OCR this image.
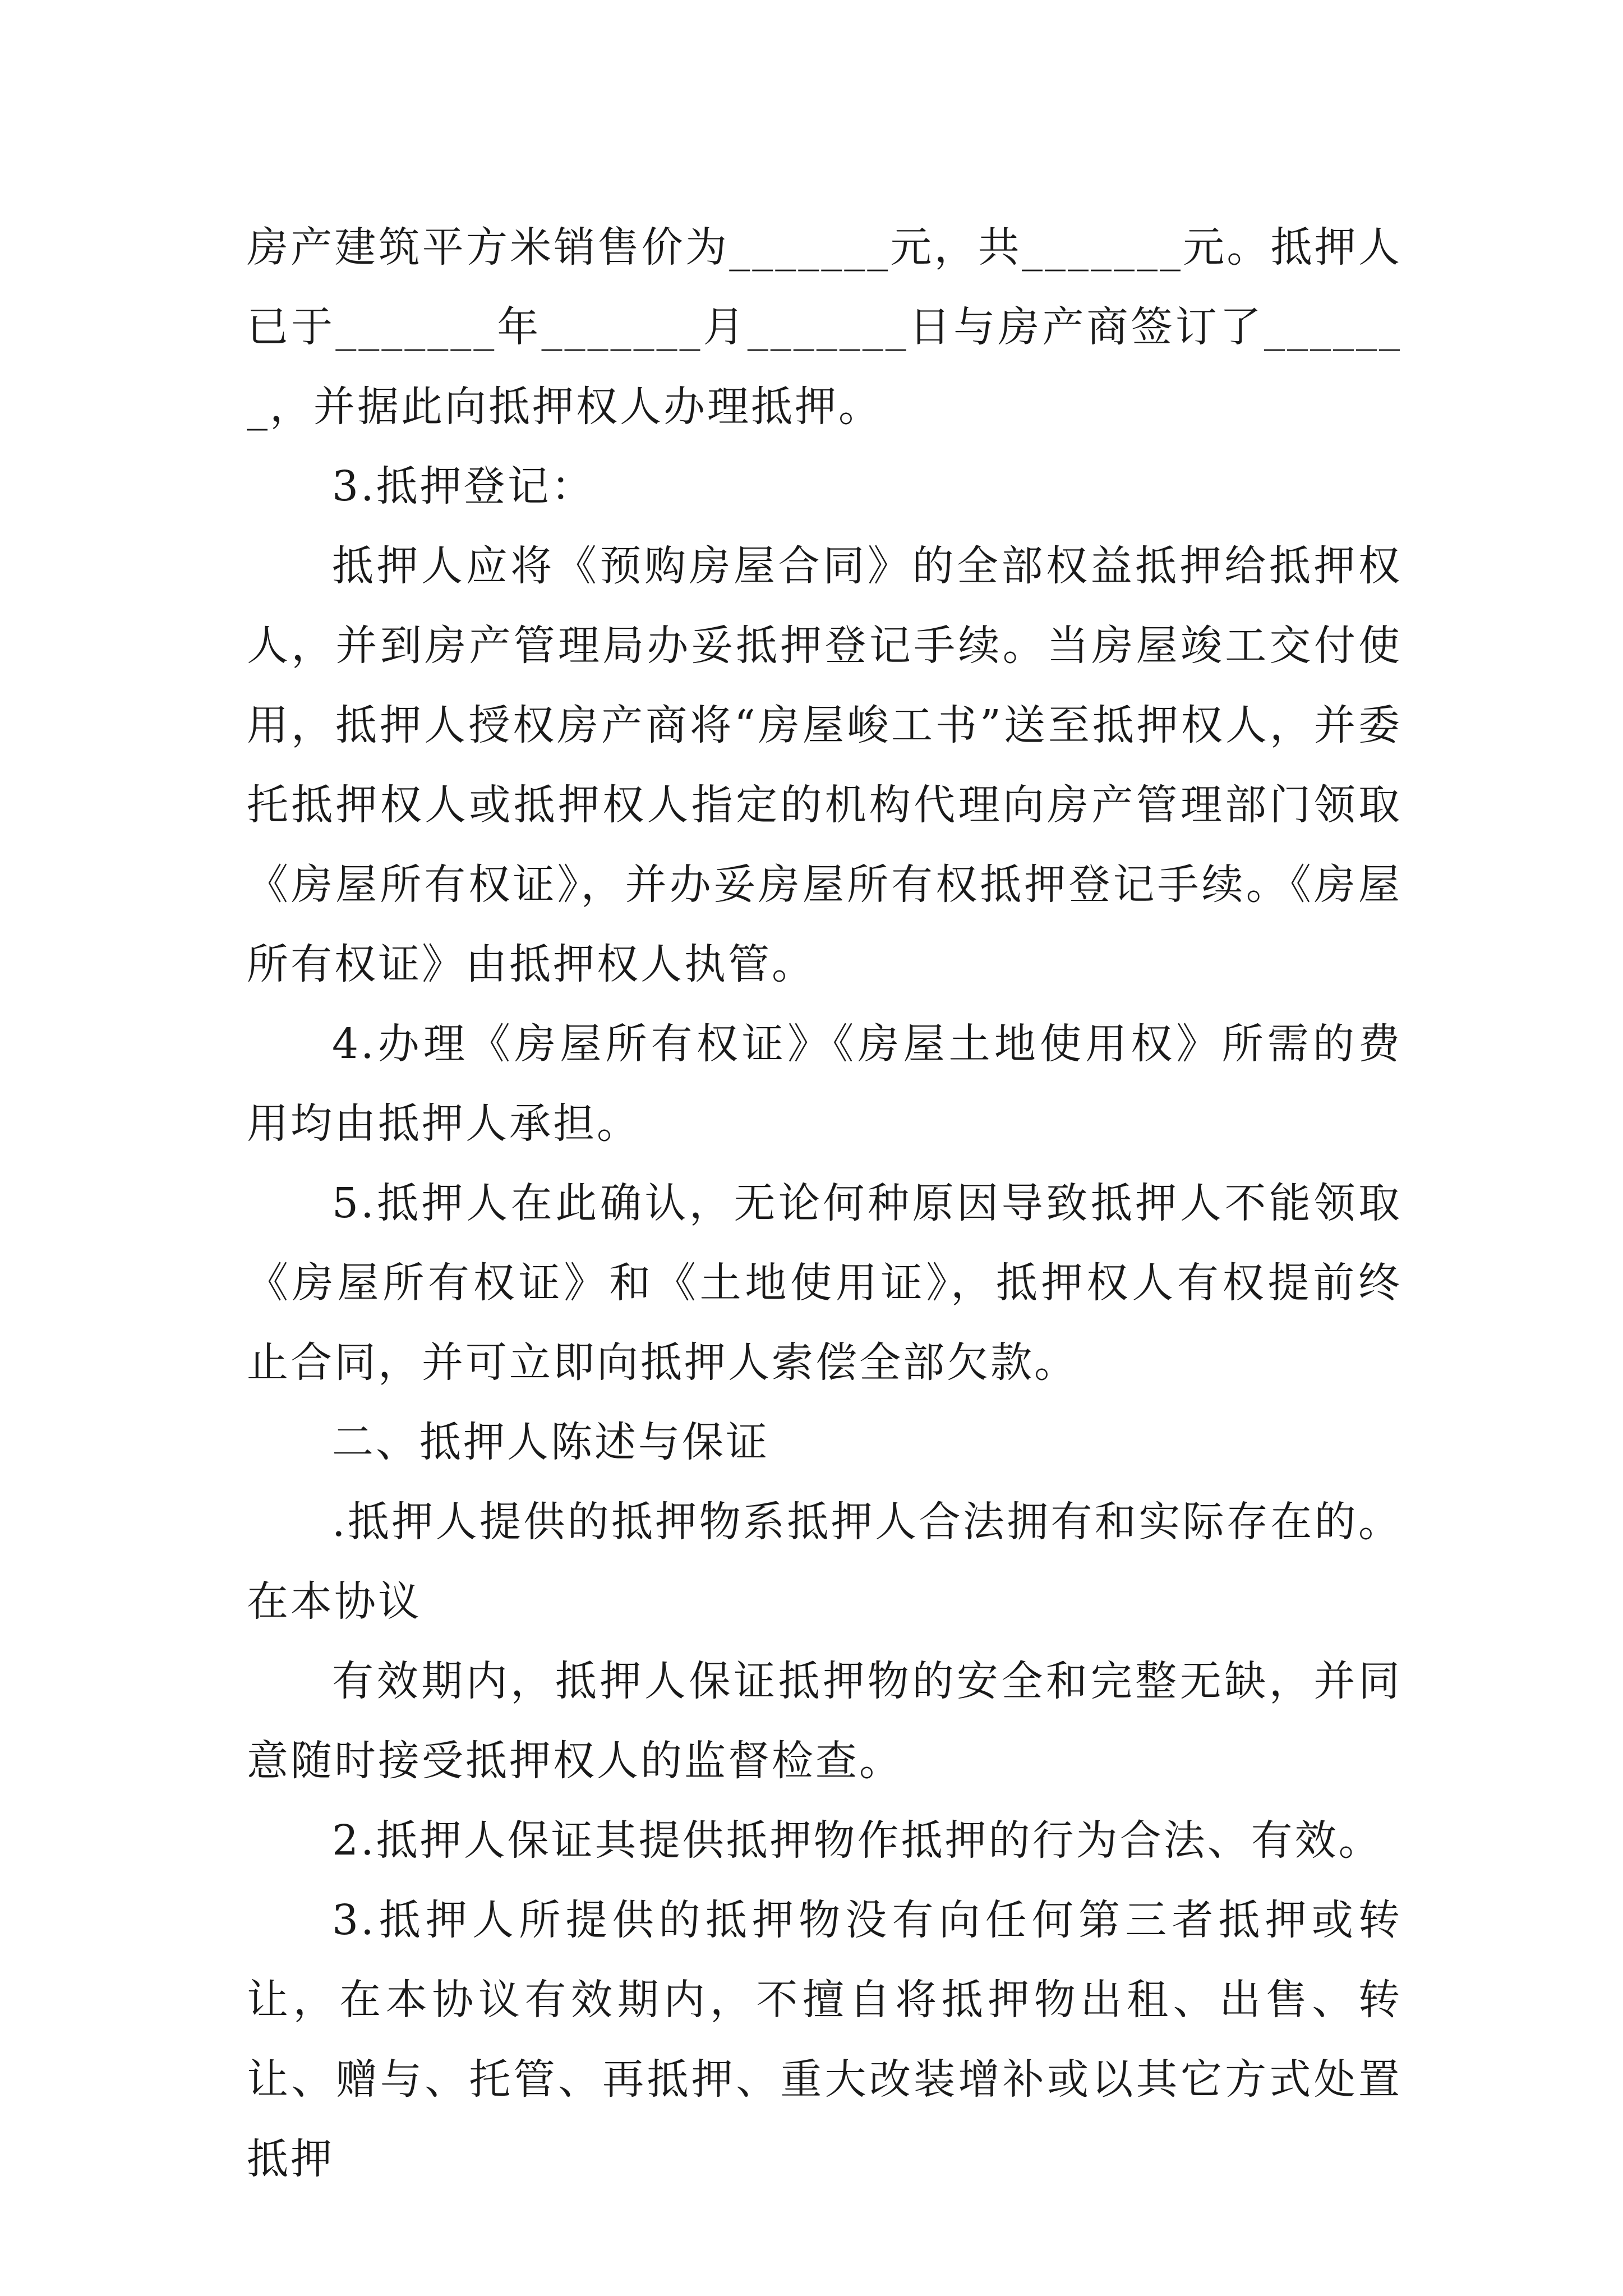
房产建筑平方米销售价为_______元，共_______元。抵押人已于_______年_______月_______日与房产商签订了_______，并据此向抵押权人办理抵押。

3.抵押登记：

抵押人应将《预购房屋合同》的全部权益抵押给抵押权人，并到房产管理局办妥抵押登记手续。当房屋竣工交付使用，抵押人授权房产商将“房屋峻工书”送至抵押权人，并委托抵押权人或抵押权人指定的机构代理向房产管理部门领取《房屋所有权证》，并办妥房屋所有权抵押登记手续。《房屋所有权证》由抵押权人执管。

4.办理《房屋所有权证》《房屋土地使用权》所需的费用均由抵押人承担。

5.抵押人在此确认，无论何种原因导致抵押人不能领取《房屋所有权证》和《土地使用证》，抵押权人有权提前终止合同，并可立即向抵押人索偿全部欠款。

二、抵押人陈述与保证

.抵押人提供的抵押物系抵押人合法拥有和实际存在的。在本协议

有效期内，抵押人保证抵押物的安全和完整无缺，并同意随时接受抵押权人的监督检查。

2.抵押人保证其提供抵押物作抵押的行为合法、有效。

3.抵押人所提供的抵押物没有向任何第三者抵押或转让，在本协议有效期内，不擅自将抵押物出租、出售、转让、赠与、托管、再抵押、重大改装增补或以其它方式处置抵押
